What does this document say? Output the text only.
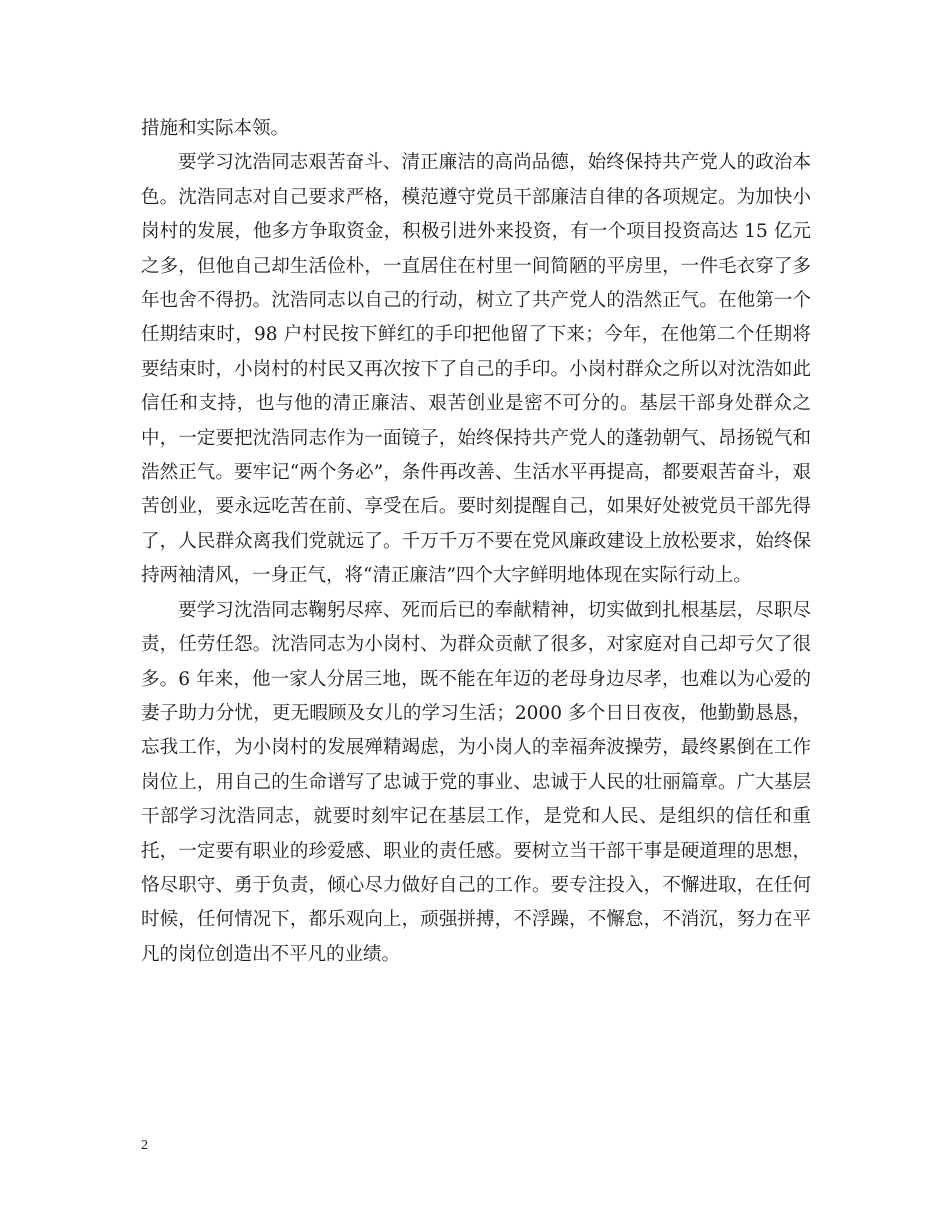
措施和实际本领。

要学习沈浩同志艰苦奋斗、清正廉洁的高尚品德，始终保持共产党人的政治本色。沈浩同志对自己要求严格，模范遵守党员干部廉洁自律的各项规定。为加快小岗村的发展，他多方争取资金，积极引进外来投资，有一个项目投资高达 15 亿元之多，但他自己却生活俭朴，一直居住在村里一间简陋的平房里，一件毛衣穿了多年也舍不得扔。沈浩同志以自己的行动，树立了共产党人的浩然正气。在他第一个任期结束时，98 户村民按下鲜红的手印把他留了下来；今年，在他第二个任期将要结束时，小岗村的村民又再次按下了自己的手印。小岗村群众之所以对沈浩如此信任和支持，也与他的清正廉洁、艰苦创业是密不可分的。基层干部身处群众之中，一定要把沈浩同志作为一面镜子，始终保持共产党人的蓬勃朝气、昂扬锐气和浩然正气。要牢记“两个务必”，条件再改善、生活水平再提高，都要艰苦奋斗，艰苦创业，要永远吃苦在前、享受在后。要时刻提醒自己，如果好处被党员干部先得了，人民群众离我们党就远了。千万千万不要在党风廉政建设上放松要求，始终保持两袖清风，一身正气，将“清正廉洁”四个大字鲜明地体现在实际行动上。

要学习沈浩同志鞠躬尽瘁、死而后已的奉献精神，切实做到扎根基层，尽职尽责，任劳任怨。沈浩同志为小岗村、为群众贡献了很多，对家庭对自己却亏欠了很多。6 年来，他一家人分居三地，既不能在年迈的老母身边尽孝，也难以为心爱的妻子助力分忧，更无暇顾及女儿的学习生活；2000 多个日日夜夜，他勤勤恳恳，忘我工作，为小岗村的发展殚精竭虑，为小岗人的幸福奔波操劳，最终累倒在工作岗位上，用自己的生命谱写了忠诚于党的事业、忠诚于人民的壮丽篇章。广大基层干部学习沈浩同志，就要时刻牢记在基层工作，是党和人民、是组织的信任和重托，一定要有职业的珍爱感、职业的责任感。要树立当干部干事是硬道理的思想，恪尽职守、勇于负责，倾心尽力做好自己的工作。要专注投入，不懈进取，在任何时候，任何情况下，都乐观向上，顽强拼搏，不浮躁，不懈怠，不消沉，努力在平凡的岗位创造出不平凡的业绩。

2
